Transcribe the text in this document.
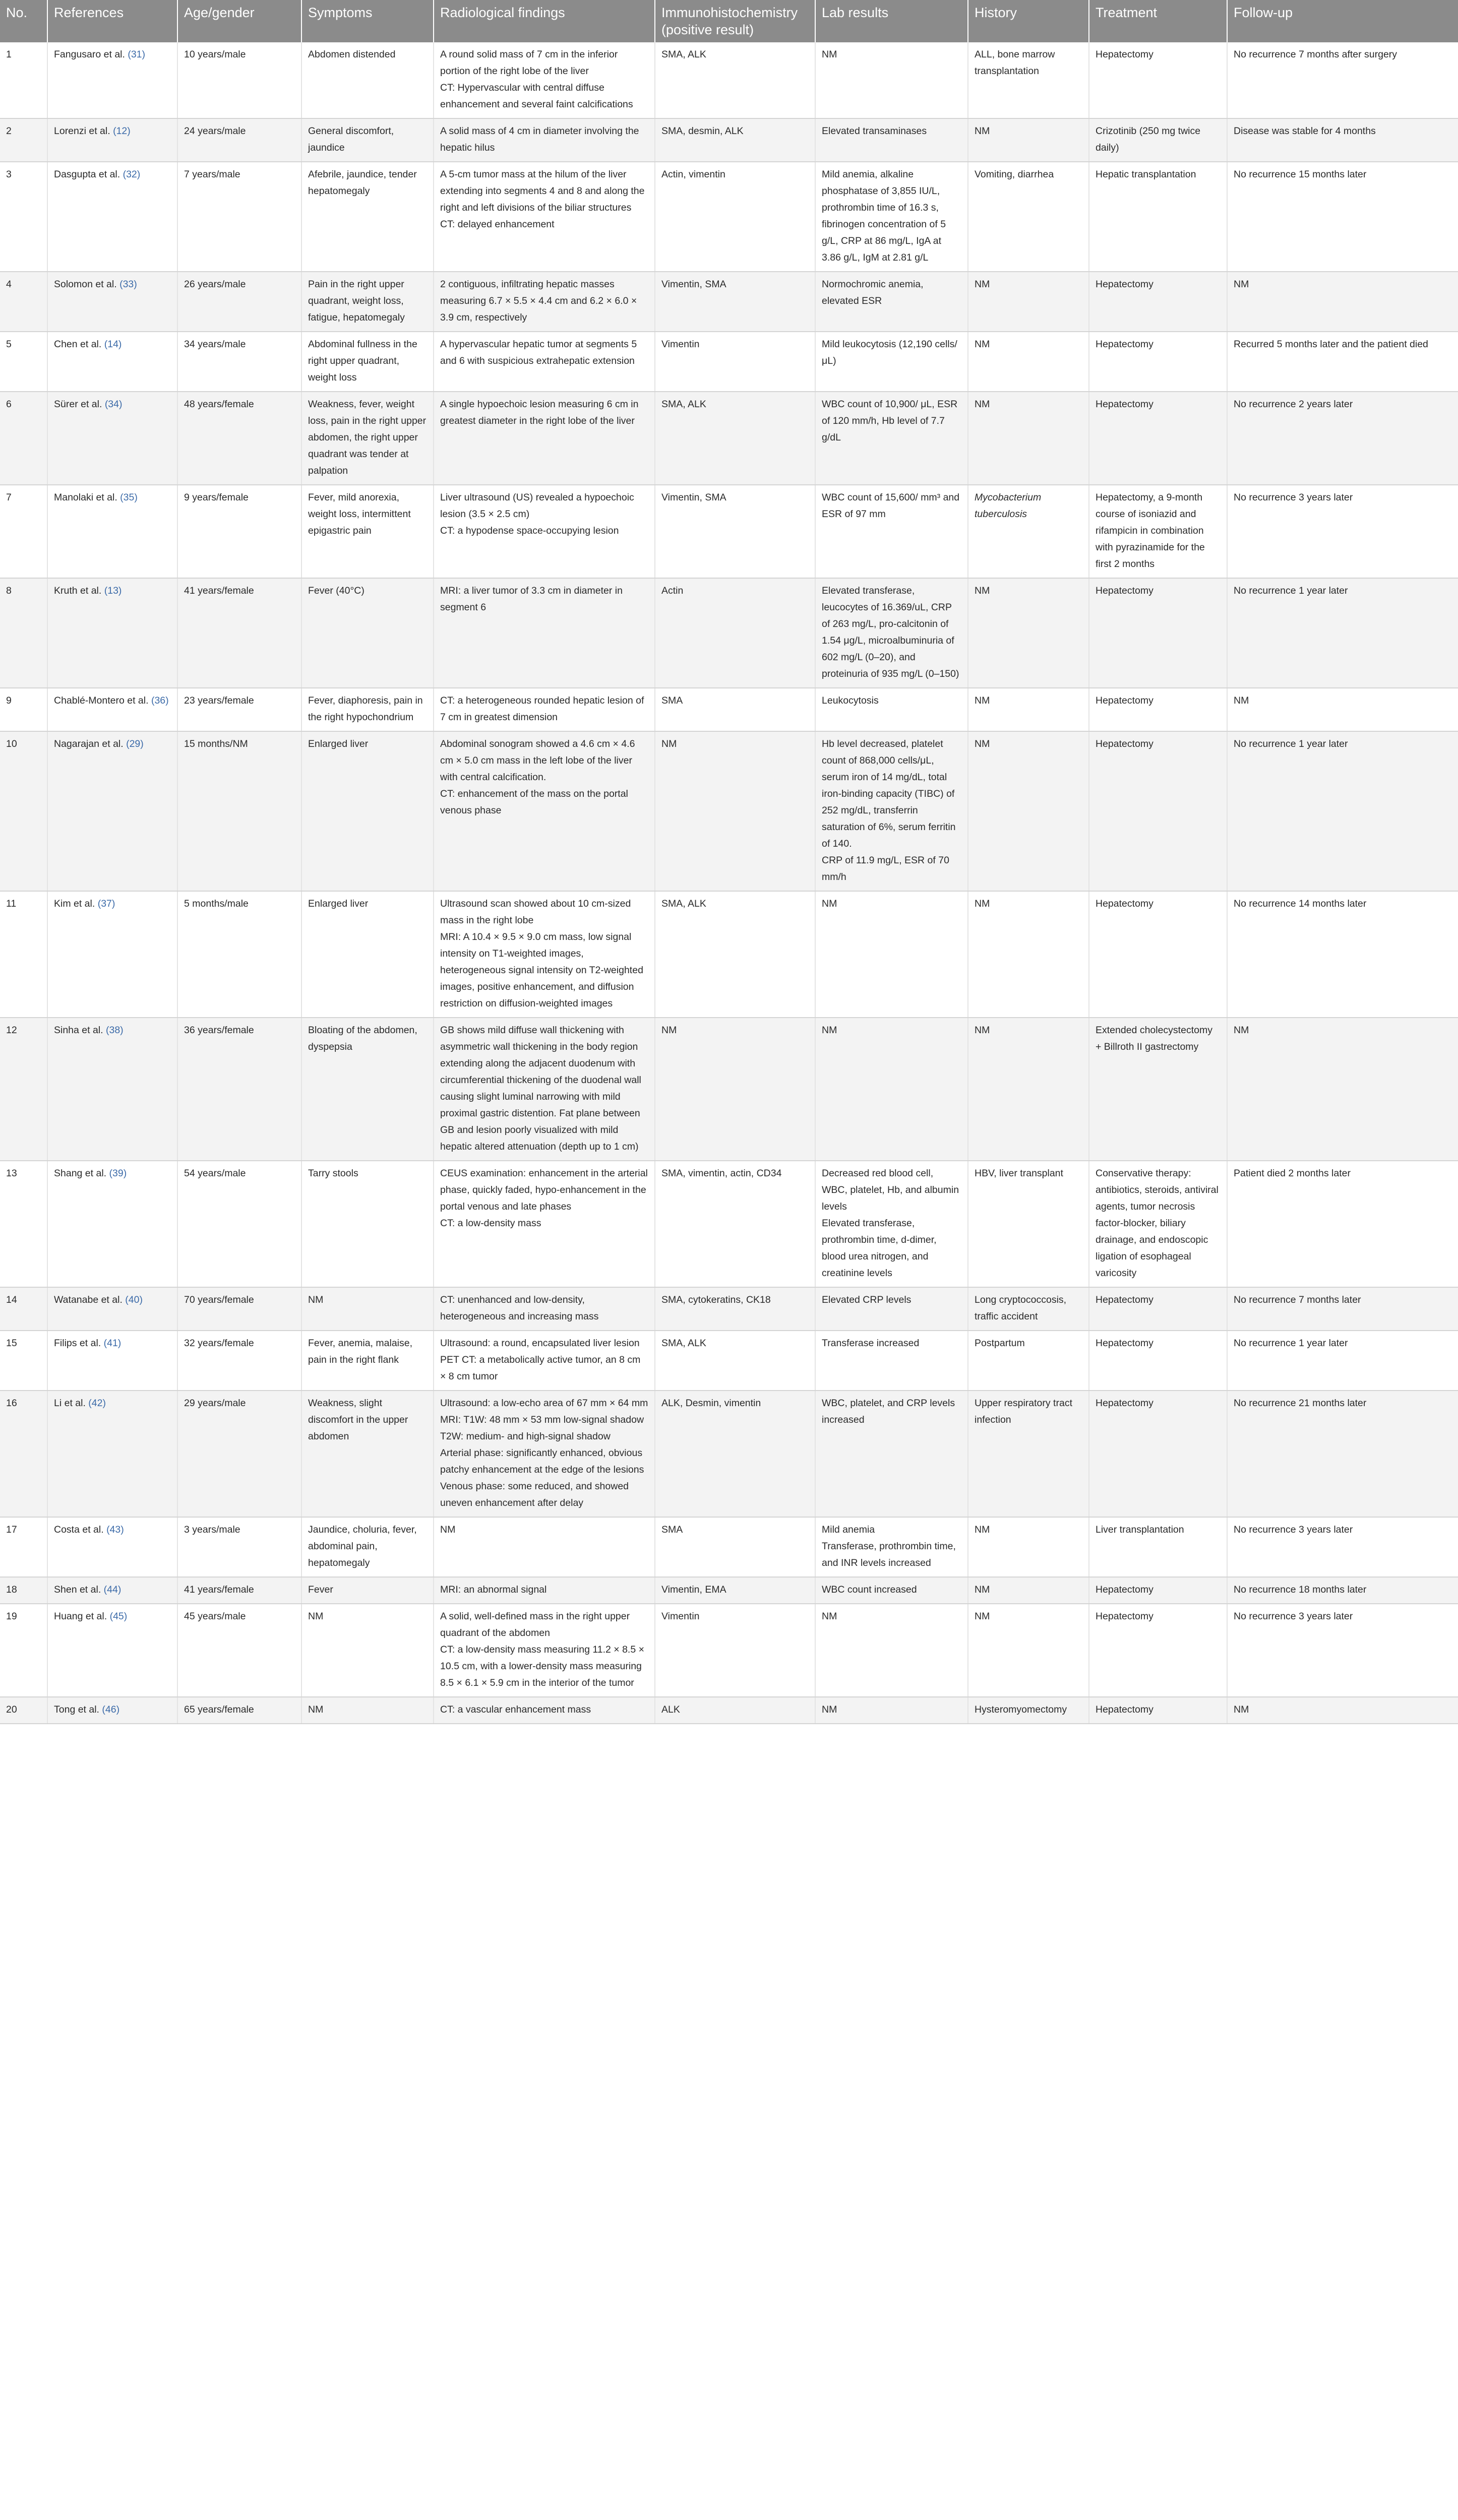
No.	References	Age/gender	Symptoms	Radiological findings	Immunohistochemistry (positive result)	Lab results	History	Treatment	Follow-up
1	Fangusaro et al. (31)	10 years/male	Abdomen distended	A round solid mass of 7 cm in the inferior portion of the right lobe of the liver
CT: Hypervascular with central diffuse enhancement and several faint calcifications	SMA, ALK	NM	ALL, bone marrow transplantation	Hepatectomy	No recurrence 7 months after surgery
2	Lorenzi et al. (12)	24 years/male	General discomfort, jaundice	A solid mass of 4 cm in diameter involving the hepatic hilus	SMA, desmin, ALK	Elevated transaminases	NM	Crizotinib (250 mg twice daily)	Disease was stable for 4 months
3	Dasgupta et al. (32)	7 years/male	Afebrile, jaundice, tender hepatomegaly	A 5-cm tumor mass at the hilum of the liver extending into segments 4 and 8 and along the right and left divisions of the biliar structures
CT: delayed enhancement	Actin, vimentin	Mild anemia, alkaline phosphatase of 3,855 IU/L, prothrombin time of 16.3 s, fibrinogen concentration of 5 g/L, CRP at 86 mg/L, IgA at 3.86 g/L, IgM at 2.81 g/L	Vomiting, diarrhea	Hepatic transplantation	No recurrence 15 months later
4	Solomon et al. (33)	26 years/male	Pain in the right upper quadrant, weight loss, fatigue, hepatomegaly	2 contiguous, infiltrating hepatic masses measuring 6.7 × 5.5 × 4.4 cm and 6.2 × 6.0 × 3.9 cm, respectively	Vimentin, SMA	Normochromic anemia, elevated ESR	NM	Hepatectomy	NM
5	Chen et al. (14)	34 years/male	Abdominal fullness in the right upper quadrant, weight loss	A hypervascular hepatic tumor at segments 5 and 6 with suspicious extrahepatic extension	Vimentin	Mild leukocytosis (12,190 cells/μL)	NM	Hepatectomy	Recurred 5 months later and the patient died
6	Sürer et al. (34)	48 years/female	Weakness, fever, weight loss, pain in the right upper abdomen, the right upper quadrant was tender at palpation	A single hypoechoic lesion measuring 6 cm in greatest diameter in the right lobe of the liver	SMA, ALK	WBC count of 10,900/ μL, ESR of 120 mm/h, Hb level of 7.7 g/dL	NM	Hepatectomy	No recurrence 2 years later
7	Manolaki et al. (35)	9 years/female	Fever, mild anorexia, weight loss, intermittent epigastric pain	Liver ultrasound (US) revealed a hypoechoic lesion (3.5 × 2.5 cm)
CT: a hypodense space-occupying lesion	Vimentin, SMA	WBC count of 15,600/ mm³ and ESR of 97 mm	Mycobacterium tuberculosis	Hepatectomy, a 9-month course of isoniazid and rifampicin in combination with pyrazinamide for the first 2 months	No recurrence 3 years later
8	Kruth et al. (13)	41 years/female	Fever (40°C)	MRI: a liver tumor of 3.3 cm in diameter in segment 6	Actin	Elevated transferase, leucocytes of 16.369/uL, CRP of 263 mg/L, pro-calcitonin of 1.54 μg/L, microalbuminuria of 602 mg/L (0–20), and proteinuria of 935 mg/L (0–150)	NM	Hepatectomy	No recurrence 1 year later
9	Chablé-Montero et al. (36)	23 years/female	Fever, diaphoresis, pain in the right hypochondrium	CT: a heterogeneous rounded hepatic lesion of 7 cm in greatest dimension	SMA	Leukocytosis	NM	Hepatectomy	NM
10	Nagarajan et al. (29)	15 months/NM	Enlarged liver	Abdominal sonogram showed a 4.6 cm × 4.6 cm × 5.0 cm mass in the left lobe of the liver with central calcification.
CT: enhancement of the mass on the portal venous phase	NM	Hb level decreased, platelet count of 868,000 cells/μL, serum iron of 14 mg/dL, total iron-binding capacity (TIBC) of 252 mg/dL, transferrin saturation of 6%, serum ferritin of 140.
CRP of 11.9 mg/L, ESR of 70 mm/h	NM	Hepatectomy	No recurrence 1 year later
11	Kim et al. (37)	5 months/male	Enlarged liver	Ultrasound scan showed about 10 cm-sized mass in the right lobe
MRI: A 10.4 × 9.5 × 9.0 cm mass, low signal intensity on T1-weighted images, heterogeneous signal intensity on T2-weighted images, positive enhancement, and diffusion restriction on diffusion-weighted images	SMA, ALK	NM	NM	Hepatectomy	No recurrence 14 months later
12	Sinha et al. (38)	36 years/female	Bloating of the abdomen, dyspepsia	GB shows mild diffuse wall thickening with asymmetric wall thickening in the body region extending along the adjacent duodenum with circumferential thickening of the duodenal wall causing slight luminal narrowing with mild proximal gastric distention. Fat plane between GB and lesion poorly visualized with mild hepatic altered attenuation (depth up to 1 cm)	NM	NM	NM	Extended cholecystectomy + Billroth II gastrectomy	NM
13	Shang et al. (39)	54 years/male	Tarry stools	CEUS examination: enhancement in the arterial phase, quickly faded, hypo-enhancement in the portal venous and late phases
CT: a low-density mass	SMA, vimentin, actin, CD34	Decreased red blood cell, WBC, platelet, Hb, and albumin levels
Elevated transferase, prothrombin time, d-dimer, blood urea nitrogen, and creatinine levels	HBV, liver transplant	Conservative therapy: antibiotics, steroids, antiviral agents, tumor necrosis factor-blocker, biliary drainage, and endoscopic ligation of esophageal varicosity	Patient died 2 months later
14	Watanabe et al. (40)	70 years/female	NM	CT: unenhanced and low-density, heterogeneous and increasing mass	SMA, cytokeratins, CK18	Elevated CRP levels	Long cryptococcosis, traffic accident	Hepatectomy	No recurrence 7 months later
15	Filips et al. (41)	32 years/female	Fever, anemia, malaise, pain in the right flank	Ultrasound: a round, encapsulated liver lesion
PET CT: a metabolically active tumor, an 8 cm × 8 cm tumor	SMA, ALK	Transferase increased	Postpartum	Hepatectomy	No recurrence 1 year later
16	Li et al. (42)	29 years/male	Weakness, slight discomfort in the upper abdomen	Ultrasound: a low-echo area of 67 mm × 64 mm
MRI: T1W: 48 mm × 53 mm low-signal shadow
T2W: medium- and high-signal shadow
Arterial phase: significantly enhanced, obvious patchy enhancement at the edge of the lesions
Venous phase: some reduced, and showed uneven enhancement after delay	ALK, Desmin, vimentin	WBC, platelet, and CRP levels increased	Upper respiratory tract infection	Hepatectomy	No recurrence 21 months later
17	Costa et al. (43)	3 years/male	Jaundice, choluria, fever, abdominal pain, hepatomegaly	NM	SMA	Mild anemia
Transferase, prothrombin time, and INR levels increased	NM	Liver transplantation	No recurrence 3 years later
18	Shen et al. (44)	41 years/female	Fever	MRI: an abnormal signal	Vimentin, EMA	WBC count increased	NM	Hepatectomy	No recurrence 18 months later
19	Huang et al. (45)	45 years/male	NM	A solid, well-defined mass in the right upper quadrant of the abdomen
CT: a low-density mass measuring 11.2 × 8.5 × 10.5 cm, with a lower-density mass measuring 8.5 × 6.1 × 5.9 cm in the interior of the tumor	Vimentin	NM	NM	Hepatectomy	No recurrence 3 years later
20	Tong et al. (46)	65 years/female	NM	CT: a vascular enhancement mass	ALK	NM	Hysteromyomectomy	Hepatectomy	NM
